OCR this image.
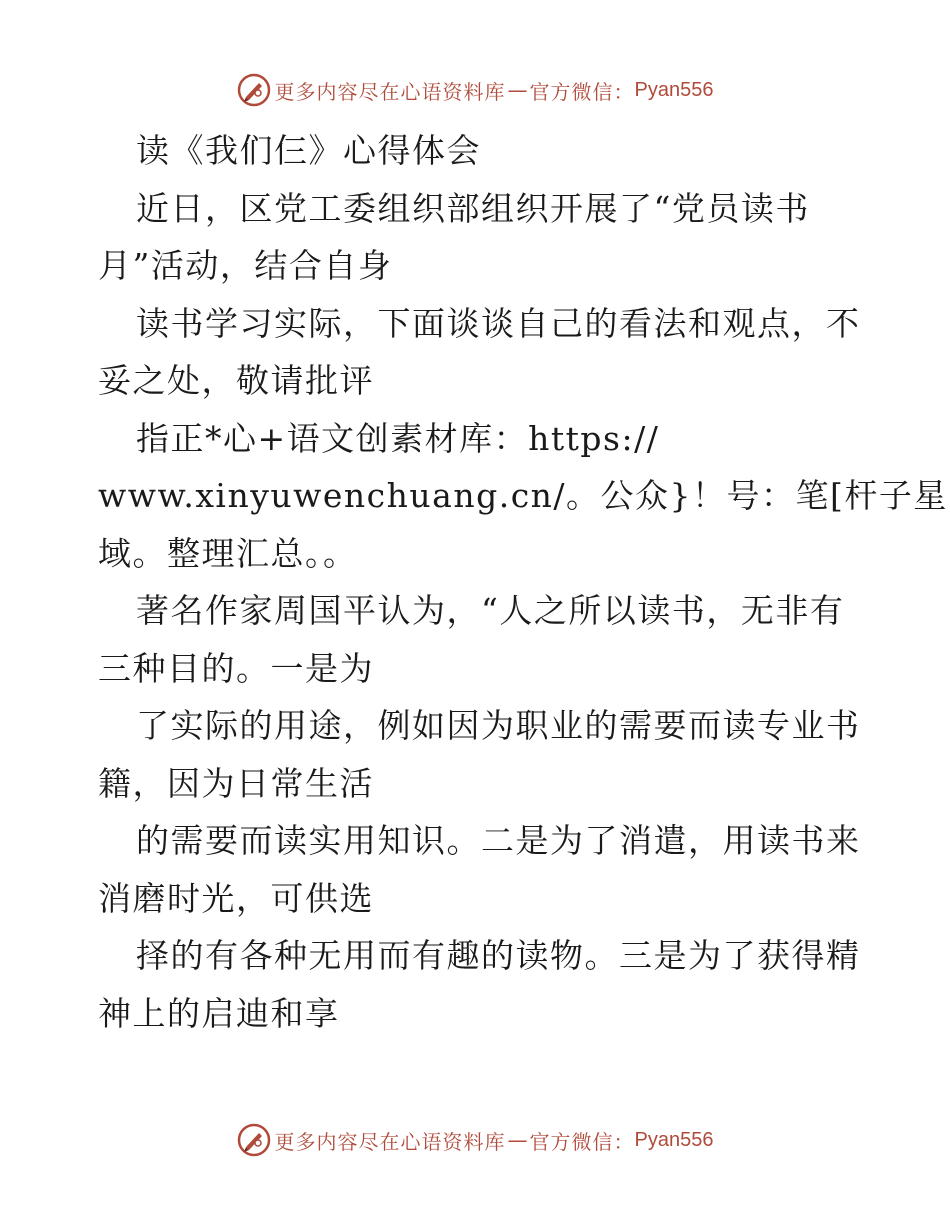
更多内容尽在心语资料库 — 官方微信： Pyan556
读《我们仨》心得体会
近日，区党工委组织部组织开展了“党员读书
月”活动，结合自身
读书学习实际，下面谈谈自己的看法和观点，不
妥之处，敬请批评
指正*心+语文创素材库：https://
www.xinyuwenchuang.cn/。公众}！号：笔[杆子星
域。整理汇总。。
著名作家周国平认为，“人之所以读书，无非有
三种目的。一是为
了实际的用途，例如因为职业的需要而读专业书
籍，因为日常生活
的需要而读实用知识。二是为了消遣，用读书来
消磨时光，可供选
择的有各种无用而有趣的读物。三是为了获得精
神上的启迪和享
更多内容尽在心语资料库 — 官方微信： Pyan556
